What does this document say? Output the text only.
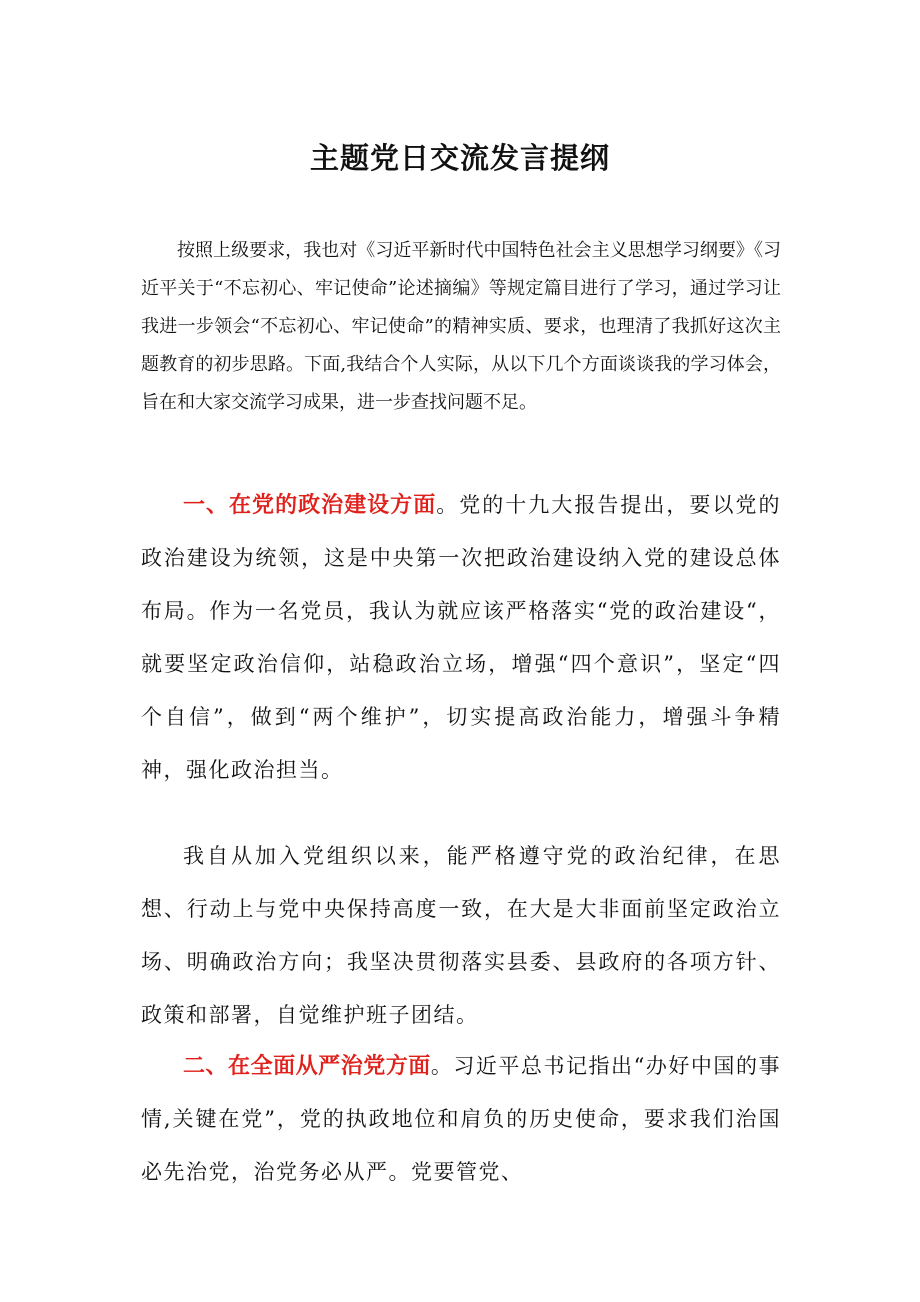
主题党日交流发言提纲

按照上级要求，我也对《习近平新时代中国特色社会主义思想学习纲要》《习近平关于“不忘初心、牢记使命”论述摘编》等规定篇目进行了学习，通过学习让我进一步领会“不忘初心、牢记使命”的精神实质、要求，也理清了我抓好这次主题教育的初步思路。下面,我结合个人实际，从以下几个方面谈谈我的学习体会，旨在和大家交流学习成果，进一步查找问题不足。

一、在党的政治建设方面。党的十九大报告提出，要以党的政治建设为统领，这是中央第一次把政治建设纳入党的建设总体布局。作为一名党员，我认为就应该严格落实“党的政治建设“，就要坚定政治信仰，站稳政治立场，增强“四个意识”，坚定“四个自信”，做到“两个维护”，切实提高政治能力，增强斗争精神，强化政治担当。

我自从加入党组织以来，能严格遵守党的政治纪律，在思想、行动上与党中央保持高度一致，在大是大非面前坚定政治立场、明确政治方向；我坚决贯彻落实县委、县政府的各项方针、政策和部署，自觉维护班子团结。

二、在全面从严治党方面。习近平总书记指出“办好中国的事情,关键在党”，党的执政地位和肩负的历史使命，要求我们治国必先治党，治党务必从严。党要管党、
